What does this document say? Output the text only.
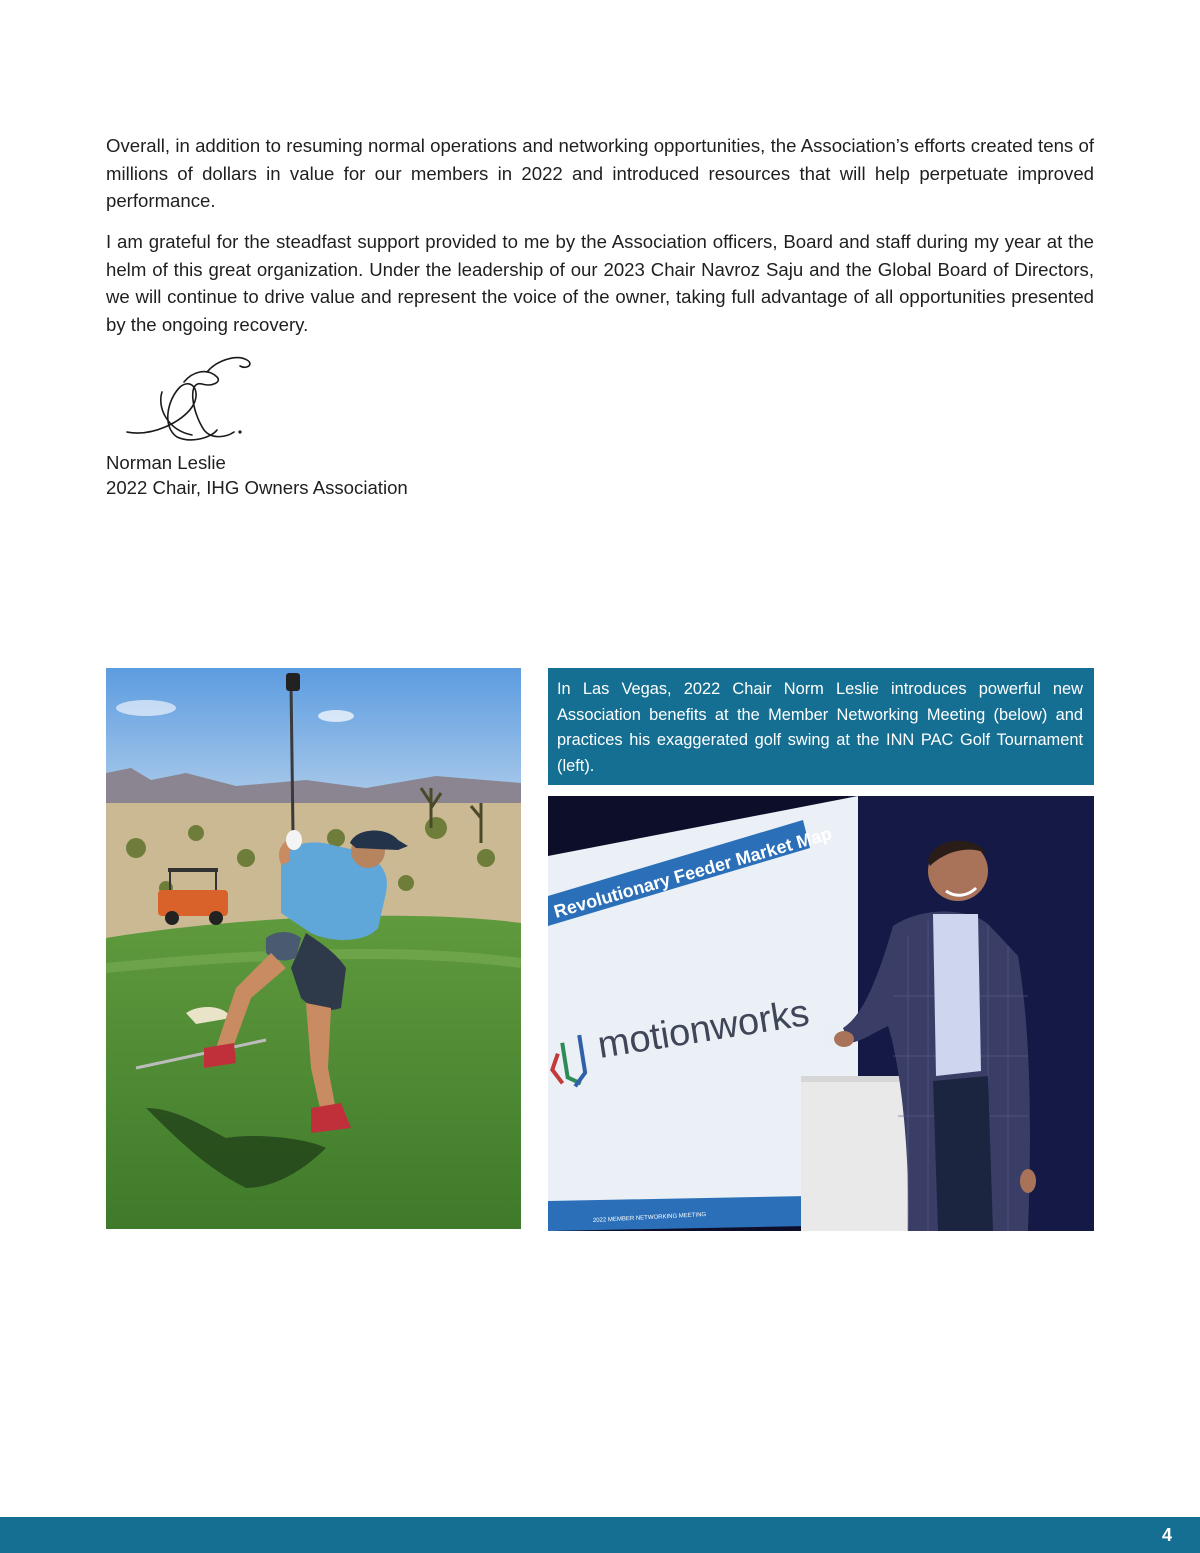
Overall, in addition to resuming normal operations and networking opportunities, the Association’s efforts created tens of millions of dollars in value for our members in 2022 and introduced resources that will help perpetuate improved performance.

I am grateful for the steadfast support provided to me by the Association officers, Board and staff during my year at the helm of this great organization. Under the leadership of our 2023 Chair Navroz Saju and the Global Board of Directors, we will continue to drive value and represent the voice of the owner, taking full advantage of all opportunities presented by the ongoing recovery.

Norman Leslie
2022 Chair, IHG Owners Association

In Las Vegas, 2022 Chair Norm Leslie introduces powerful new Association benefits at the Member Networking Meeting (below) and practices his exaggerated golf swing at the INN PAC Golf Tournament (left).

Revolutionary Feeder Market Map
motionworks
2022 MEMBER NETWORKING MEETING
4
